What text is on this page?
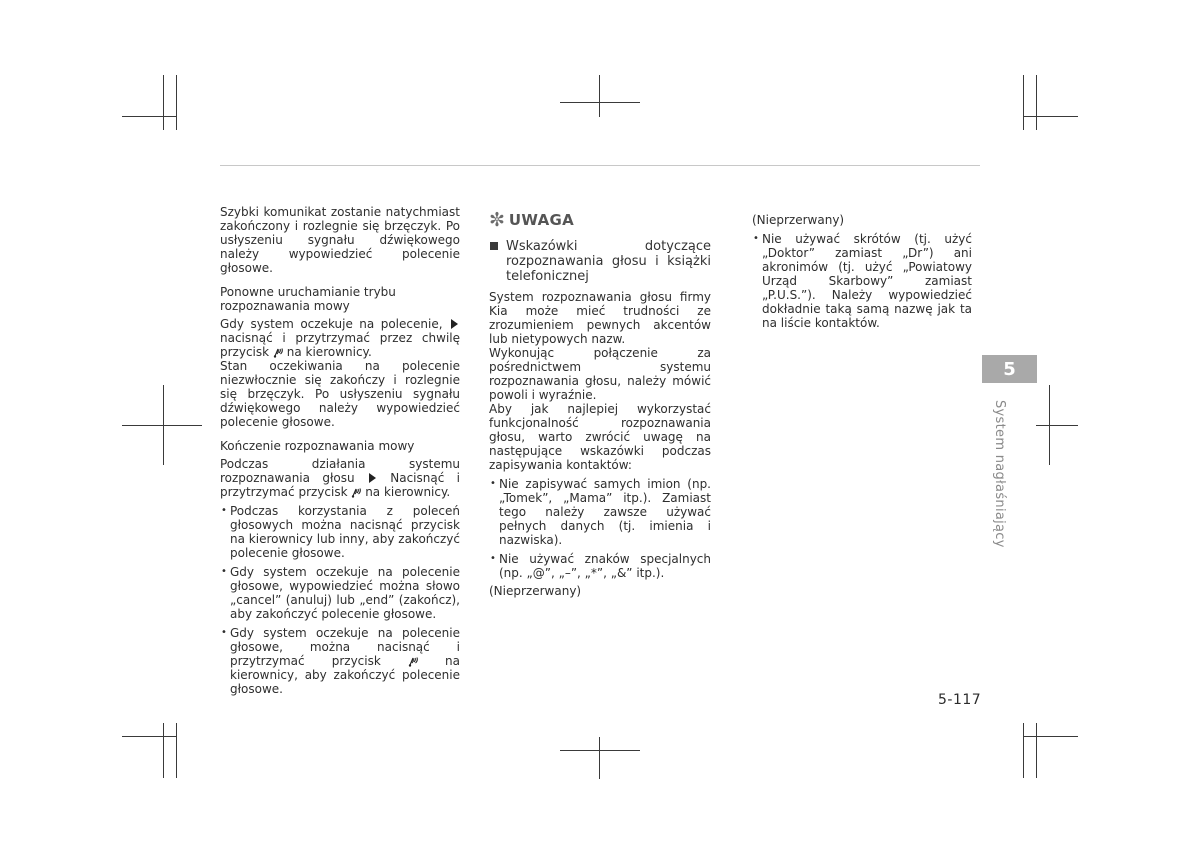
Szybki komunikat zostanie natychmiast zakończony i rozlegnie się brzęczyk. Po usłyszeniu sygnału dźwiękowego należy wypowiedzieć polecenie głosowe.

Ponowne uruchamianie trybu rozpoznawania mowy

Gdy system oczekuje na polecenie,  nacisnąć i przytrzymać przez chwilę przycisk na kierownicy.

Stan oczekiwania na polecenie niezwłocznie się zakończy i rozlegnie się brzęczyk. Po usłyszeniu sygnału dźwiękowego należy wypowiedzieć polecenie głosowe.

Kończenie rozpoznawania mowy

Podczas działania systemu rozpoznawania głosu	Nacisnąć i przytrzymać przycisk na kierownicy.

• Podczas korzystania z poleceń głosowych można nacisnąć przycisk na kierownicy lub inny, aby zakończyć polecenie głosowe.
• Gdy system oczekuje na polecenie głosowe, wypowiedzieć można słowo „cancel” (anuluj) lub „end” (zakończ), aby zakończyć polecenie głosowe.
• Gdy system oczekuje na polecenie głosowe, można nacisnąć i przytrzymać przycisk	na kierownicy, aby zakończyć polecenie głosowe.
✼ UWAGA
Wskazówki dotyczące rozpoznawania głosu i książki telefonicznej

System rozpoznawania głosu firmy Kia może mieć trudności ze zrozumieniem pewnych akcentów lub nietypowych nazw.

Wykonując połączenie za pośrednictwem systemu rozpoznawania głosu, należy mówić powoli i wyraźnie.

Aby jak najlepiej wykorzystać funkcjonalność rozpoznawania głosu, warto zwrócić uwagę na następujące wskazówki podczas zapisywania kontaktów:

• Nie zapisywać samych imion (np. „Tomek”, „Mama” itp.). Zamiast tego należy zawsze używać pełnych danych (tj. imienia i nazwiska).
• Nie używać znaków specjalnych (np. „@”, „–”, „*”, „&” itp.).

(Nieprzerwany)

(Nieprzerwany)

• Nie używać skrótów (tj. użyć „Doktor” zamiast „Dr”) ani akronimów (tj. użyć „Powiatowy Urząd Skarbowy” zamiast „P.U.S.”). Należy wypowiedzieć dokładnie taką samą nazwę jak ta na liście kontaktów.
5
System nagłaśniający
5-117
